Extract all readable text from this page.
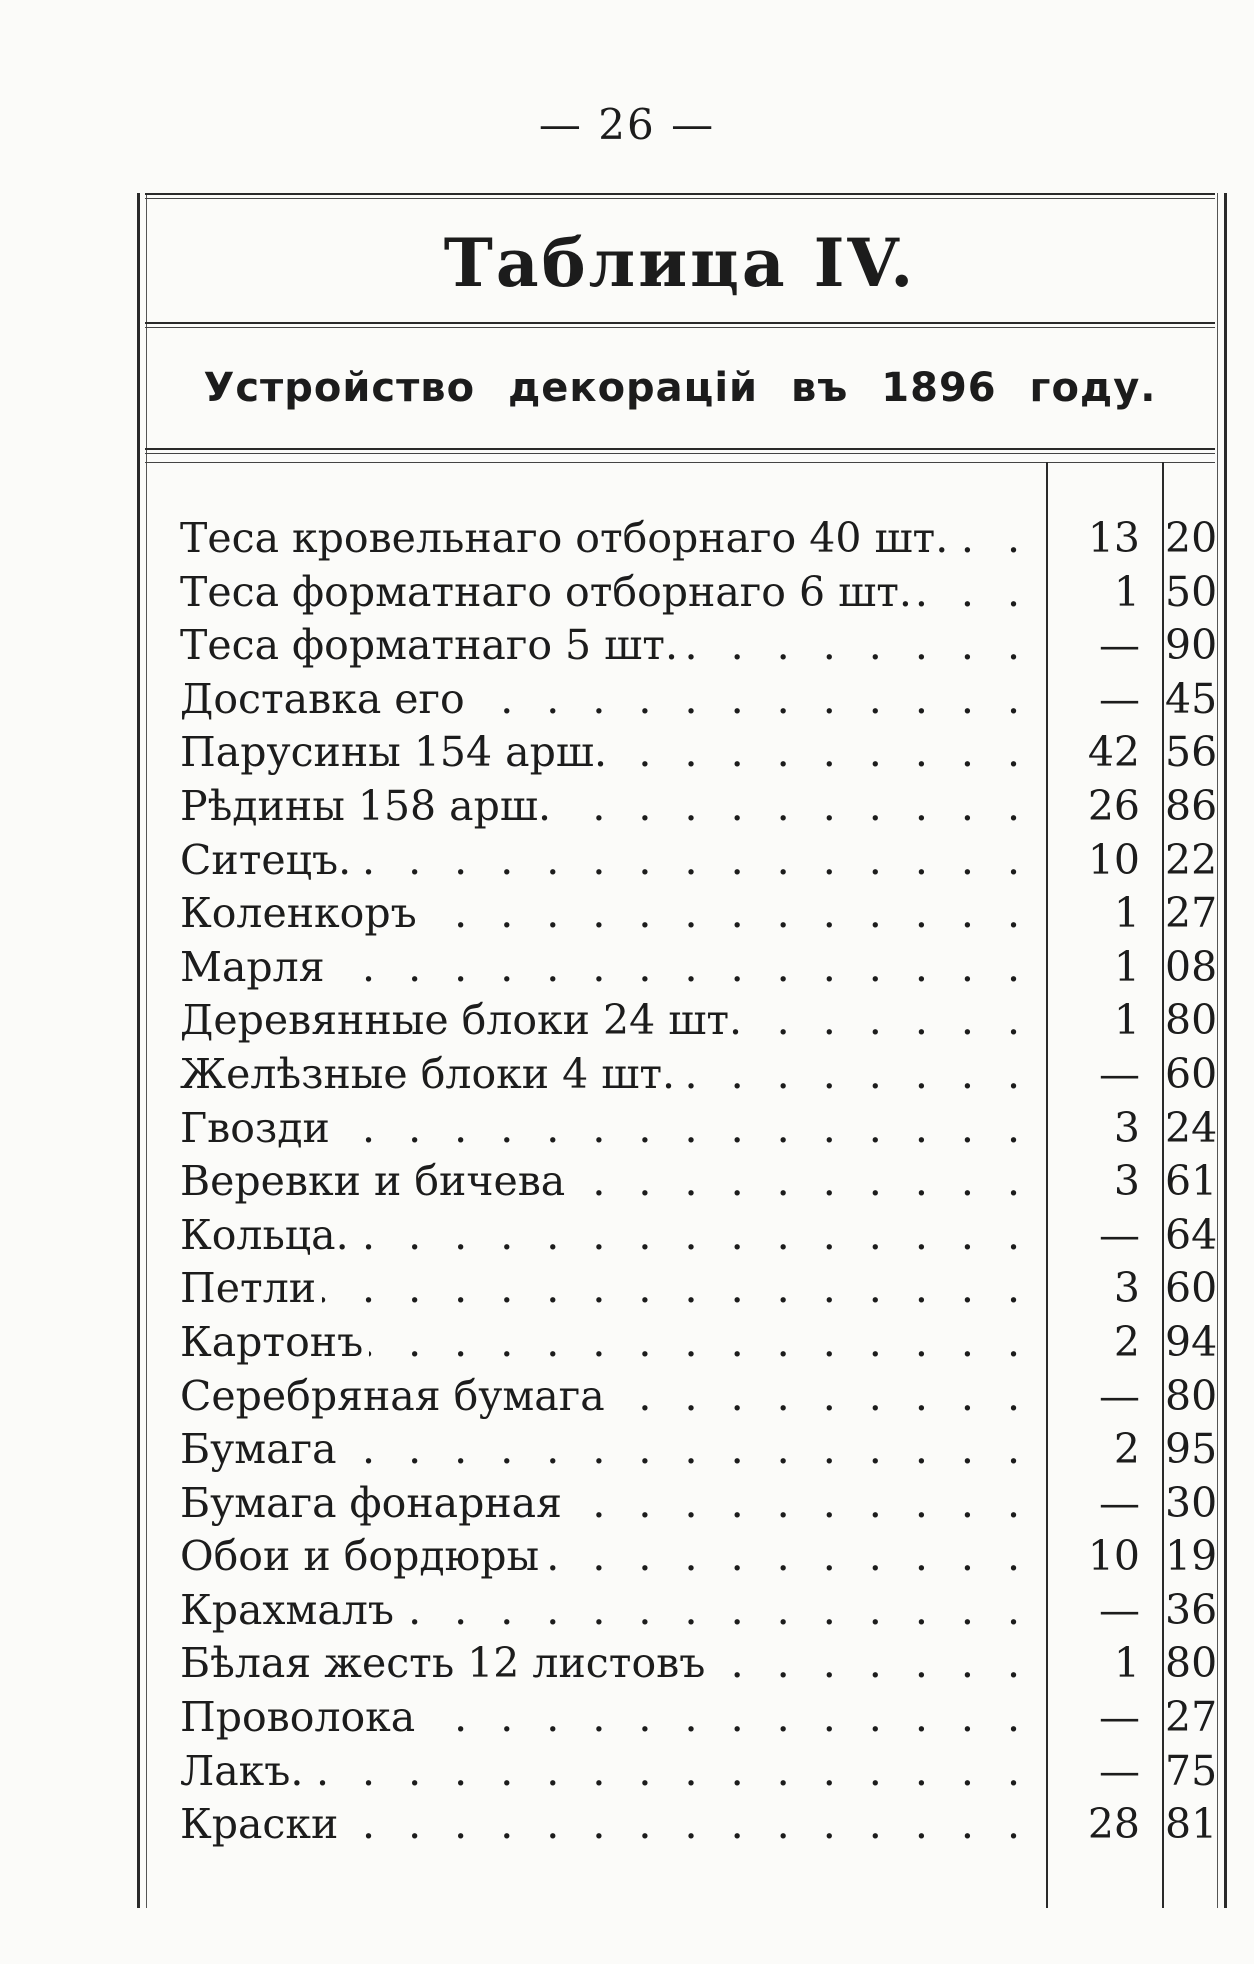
— 26 —
Таблица IV.
Устройство декорацій въ 1896 году.
Теса кровельнаго отборнаго 40 шт. . . .	13 20
Теса форматнаго отборнаго 6 шт. . . .	1 50
Теса форматнаго 5 шт. . . .	— 90
Доставка его . . .	— 45
Парусины 154 арш. . . .	42 56
Рѣдины 158 арш. . . .	26 86
Ситецъ. . . .	10 22
Коленкоръ . . .	1 27
Марля . . .	1 08
Деревянные блоки 24 шт. . . .	1 80
Желѣзные блоки 4 шт. . . .	— 60
Гвозди . . .	3 24
Веревки и бичева . . .	3 61
Кольца. . . .	— 64
Петли . . .	3 60
Картонъ . . .	2 94
Серебряная бумага . . .	— 80
Бумага . . .	2 95
Бумага фонарная . . .	— 30
Обои и бордюры . . .	10 19
Крахмалъ . . .	— 36
Бѣлая жесть 12 листовъ . . .	1 80
Проволока . . .	— 27
Лакъ. . . .	— 75
Краски . . .	28 81
